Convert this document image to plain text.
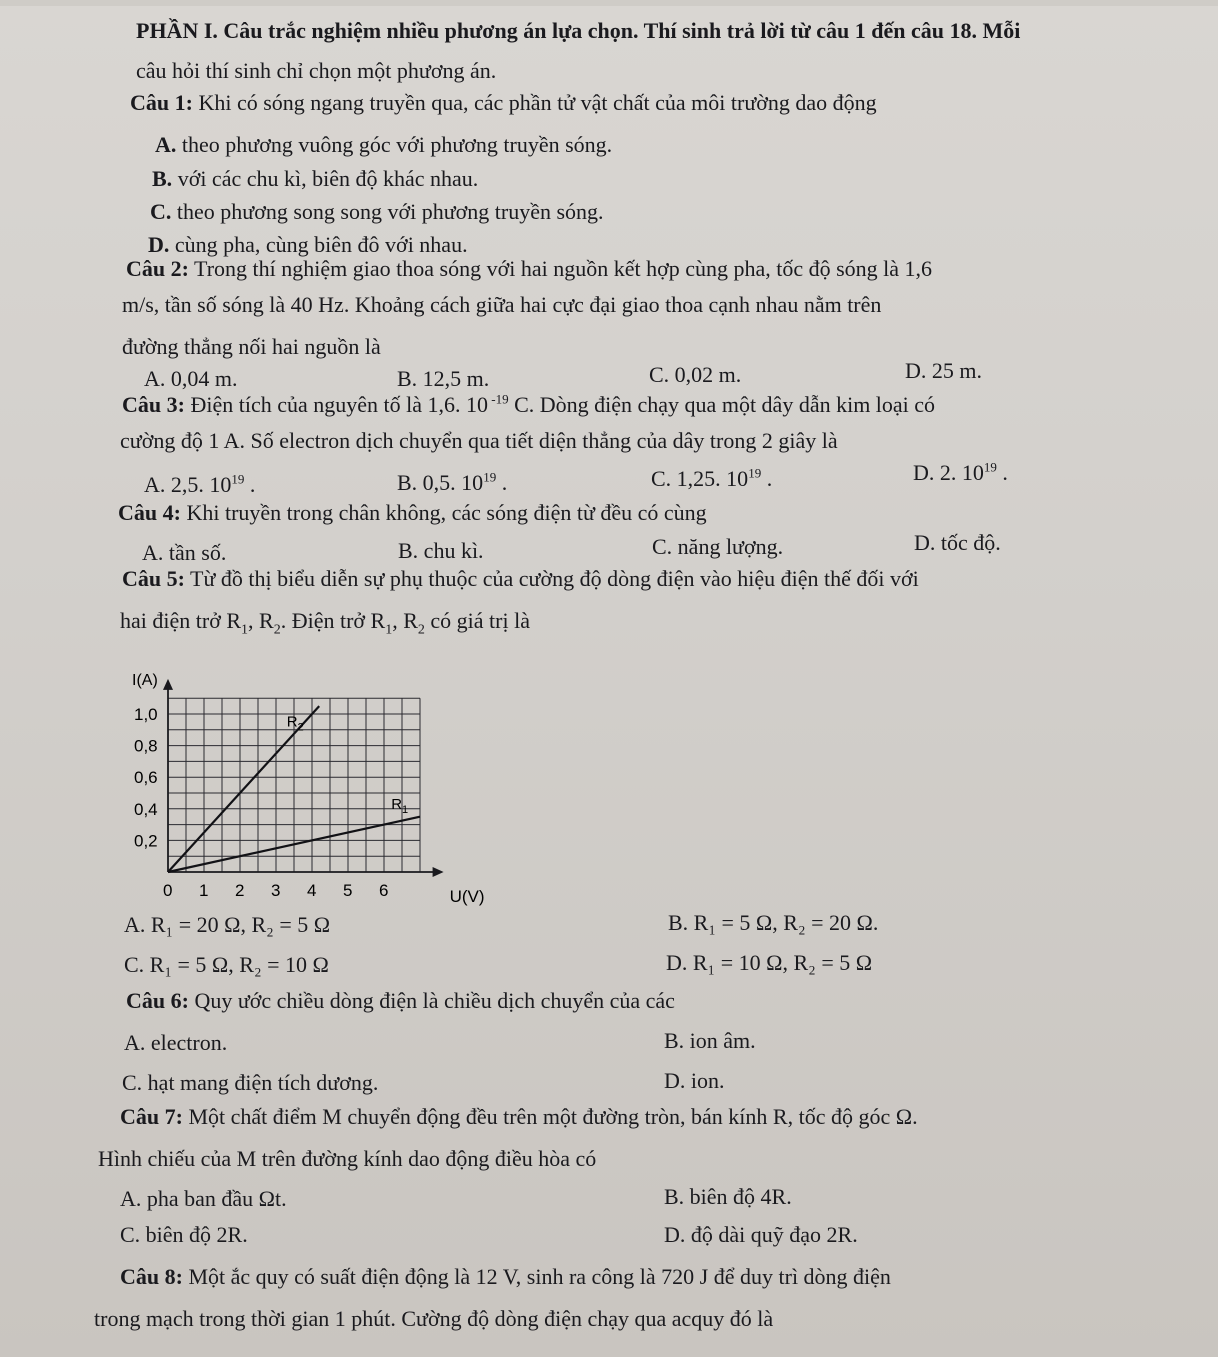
PHẦN I. Câu trắc nghiệm nhiều phương án lựa chọn. Thí sinh trả lời từ câu 1 đến câu 18. Mỗi
câu hỏi thí sinh chỉ chọn một phương án.
Câu 1: Khi có sóng ngang truyền qua, các phần tử vật chất của môi trường dao động
A. theo phương vuông góc với phương truyền sóng.
B. với các chu kì, biên độ khác nhau.
C. theo phương song song với phương truyền sóng.
D. cùng pha, cùng biên đô với nhau.
Câu 2: Trong thí nghiệm giao thoa sóng với hai nguồn kết hợp cùng pha, tốc độ sóng là 1,6
m/s, tần số sóng là 40 Hz. Khoảng cách giữa hai cực đại giao thoa cạnh nhau nằm trên
đường thẳng nối hai nguồn là
A. 0,04 m.	B. 12,5 m.	C. 0,02 m.	D. 25 m.
Câu 3: Điện tích của nguyên tố là 1,6. 10 $^{-19}$ C. Dòng điện chạy qua một dây dẫn kim loại có
cường độ 1 A. Số electron dịch chuyển qua tiết diện thẳng của dây trong 2 giây là
A. 2,5. $10^{19}$ .	B. 0,5. $10^{19}$ .	C. 1,25. $10^{19}$ .	D. 2. $10^{19}$ .
Câu 4: Khi truyền trong chân không, các sóng điện từ đều có cùng
A. tần số.	B. chu kì.	C. năng lượng.	D. tốc độ.
Câu 5: Từ đồ thị biểu diễn sự phụ thuộc của cường độ dòng điện vào hiệu điện thế đối với
hai điện trở $R_1$, $R_2$. Điện trở $R_1$, $R_2$ có giá trị là
I(A)
U(V)
0 1 2 3 4 5 6
0,2
0,4
0,6
0,8
1,0	$R_2$
$R_1$
A. R₁ = 20 Ω, R₂ = 5 Ω	B. R₁ = 5 Ω, R₂ = 20 Ω.
C. R₁ = 5 Ω, R₂ = 10 Ω	D. R₁ = 10 Ω, R₂ = 5 Ω
Câu 6: Quy ước chiều dòng điện là chiều dịch chuyển của các
A. electron.	B. ion âm.
C. hạt mang điện tích dương.	D. ion.
Câu 7: Một chất điểm M chuyển động đều trên một đường tròn, bán kính R, tốc độ góc Ω.
Hình chiếu của M trên đường kính dao động điều hòa có
A. pha ban đầu Ωt.	B. biên độ 4R.
C. biên độ 2R.	D. độ dài quỹ đạo 2R.
Câu 8: Một ắc quy có suất điện động là 12 V, sinh ra công là 720 J để duy trì dòng điện
trong mạch trong thời gian 1 phút. Cường độ dòng điện chạy qua acquy đó là
